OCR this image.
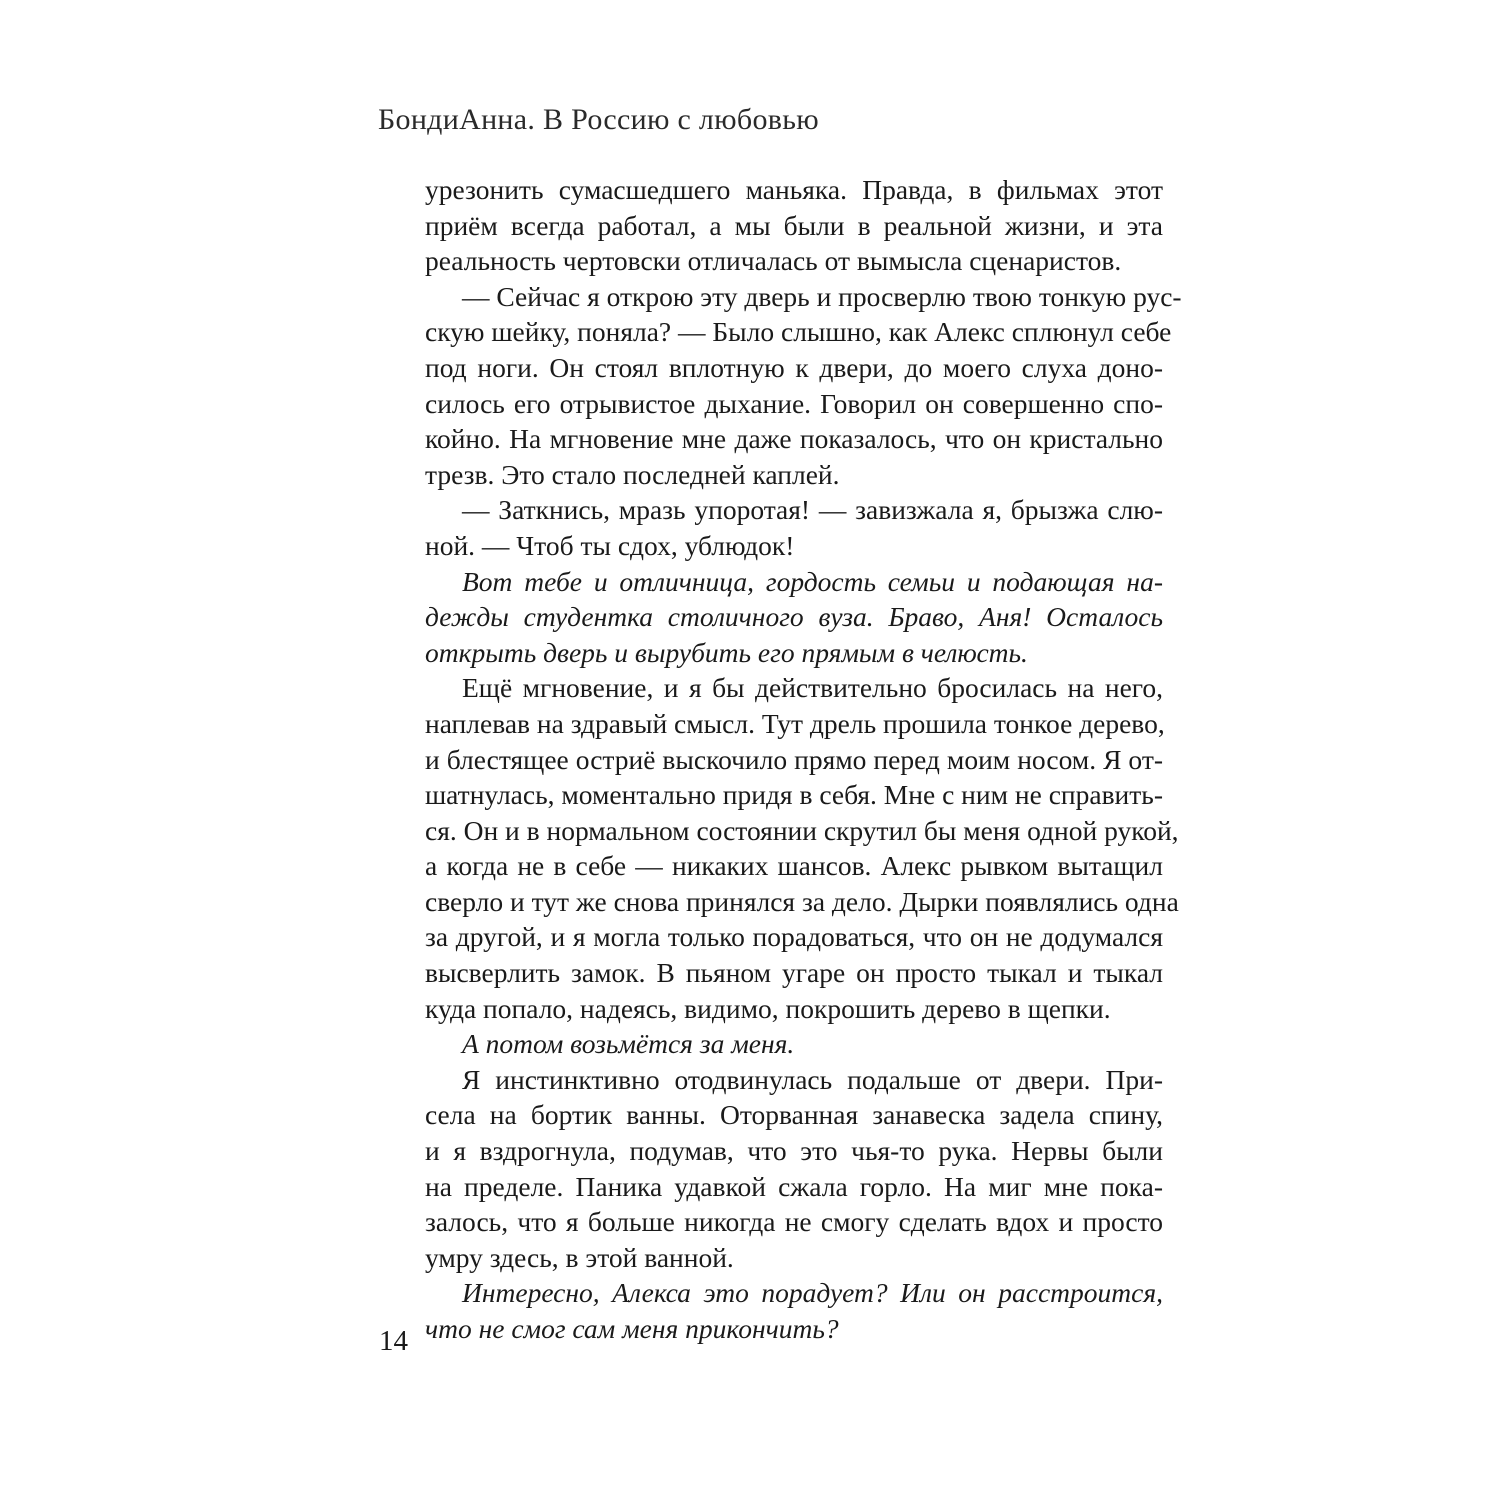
БондиАнна. В Россию с любовью
урезонить сумасшедшего маньяка. Правда, в фильмах этот
приём всегда работал, а мы были в реальной жизни, и эта
реальность чертовски отличалась от вымысла сценаристов.
— Сейчас я открою эту дверь и просверлю твою тонкую рус-
скую шейку, поняла? — Было слышно, как Алекс сплюнул себе
под ноги. Он стоял вплотную к двери, до моего слуха доно-
силось его отрывистое дыхание. Говорил он совершенно спо-
койно. На мгновение мне даже показалось, что он кристально
трезв. Это стало последней каплей.
— Заткнись, мразь упоротая! — завизжала я, брызжа слю-
ной. — Чтоб ты сдох, ублюдок!
Вот тебе и отличница, гордость семьи и подающая на-
дежды студентка столичного вуза. Браво, Аня! Осталось
открыть дверь и вырубить его прямым в челюсть.
Ещё мгновение, и я бы действительно бросилась на него,
наплевав на здравый смысл. Тут дрель прошила тонкое дерево,
и блестящее остриё выскочило прямо перед моим носом. Я от-
шатнулась, моментально придя в себя. Мне с ним не справить-
ся. Он и в нормальном состоянии скрутил бы меня одной рукой,
а когда не в себе — никаких шансов. Алекс рывком вытащил
сверло и тут же снова принялся за дело. Дырки появлялись одна
за другой, и я могла только порадоваться, что он не додумался
высверлить замок. В пьяном угаре он просто тыкал и тыкал
куда попало, надеясь, видимо, покрошить дерево в щепки.
А потом возьмётся за меня.
Я инстинктивно отодвинулась подальше от двери. При-
села на бортик ванны. Оторванная занавеска задела спину,
и я вздрогнула, подумав, что это чья-то рука. Нервы были
на пределе. Паника удавкой сжала горло. На миг мне пока-
залось, что я больше никогда не смогу сделать вдох и просто
умру здесь, в этой ванной.
Интересно, Алекса это порадует? Или он расстроится,
что не смог сам меня прикончить?
14
